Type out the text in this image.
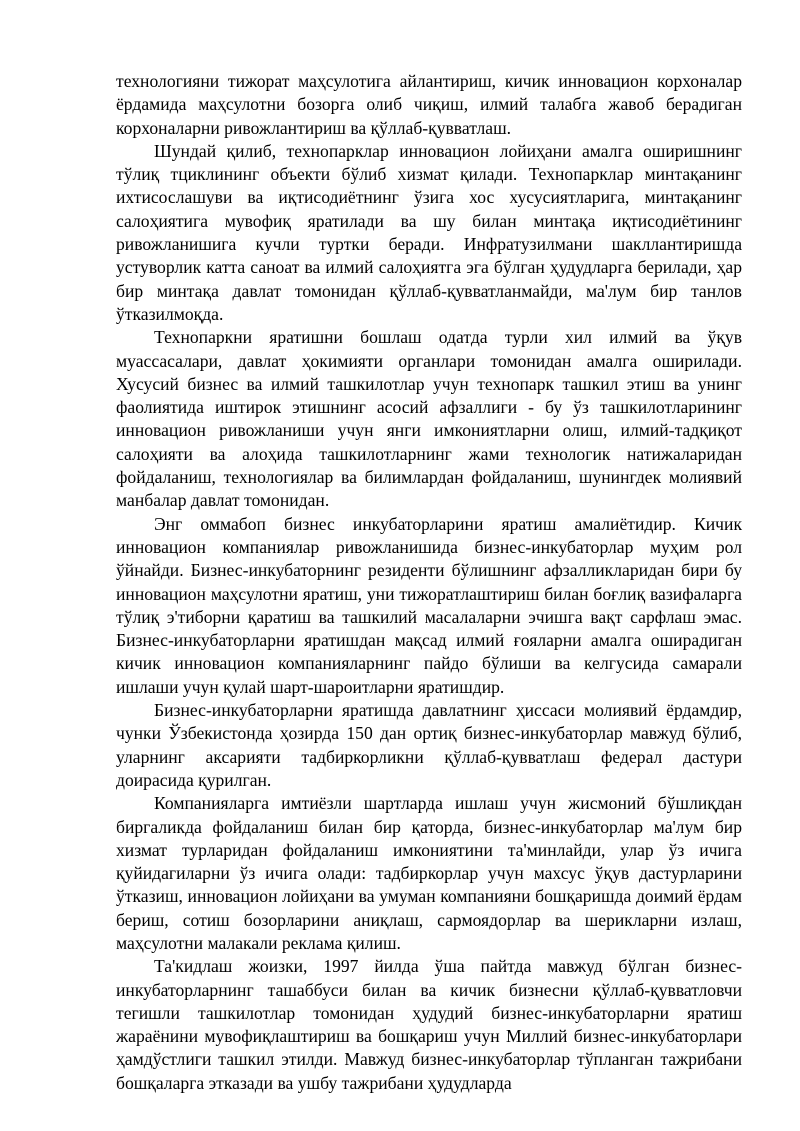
технологияни тижорат маҳсулотига айлантириш, кичик инновацион корхоналар ёрдамида маҳсулотни бозорга олиб чиқиш, илмий талабга жавоб берадиган корхоналарни ривожлантириш ва қўллаб-қувватлаш.

Шундай қилиб, технопарклар инновацион лойиҳани амалга оширишнинг тўлиқ тциклининг объекти бўлиб хизмат қилади. Технопарклар минтақанинг ихтисослашуви ва иқтисодиётнинг ўзига хос хусусиятларига, минтақанинг салоҳиятига мувофиқ яратилади ва шу билан минтақа иқтисодиётининг ривожланишига кучли туртки беради. Инфратузилмани шакллантиришда устуворлик катта саноат ва илмий салоҳиятга эга бўлган ҳудудларга берилади, ҳар бир минтақа давлат томонидан қўллаб-қувватланмайди, ма'лум бир танлов ўтказилмоқда.

Технопаркни яратишни бошлаш одатда турли хил илмий ва ўқув муассасалари, давлат ҳокимияти органлари томонидан амалга оширилади. Хусусий бизнес ва илмий ташкилотлар учун технопарк ташкил этиш ва унинг фаолиятида иштирок этишнинг асосий афзаллиги - бу ўз ташкилотларининг инновацион ривожланиши учун янги имкониятларни олиш, илмий-тадқиқот салоҳияти ва алоҳида ташкилотларнинг жами технологик натижаларидан фойдаланиш, технологиялар ва билимлардан фойдаланиш, шунингдек молиявий манбалар давлат томонидан.

Энг оммабоп бизнес инкубаторларини яратиш амалиётидир. Кичик инновацион компаниялар ривожланишида бизнес-инкубаторлар муҳим рол ўйнайди. Бизнес-инкубаторнинг резиденти бўлишнинг афзалликларидан бири бу инновацион маҳсулотни яратиш, уни тижоратлаштириш билан боғлиқ вазифаларга тўлиқ э'тиборни қаратиш ва ташкилий масалаларни эчишга вақт сарфлаш эмас. Бизнес-инкубаторларни яратишдан мақсад илмий ғояларни амалга оширадиган кичик инновацион компанияларнинг пайдо бўлиши ва келгусида самарали ишлаши учун қулай шарт-шароитларни яратишдир.

Бизнес-инкубаторларни яратишда давлатнинг ҳиссаси молиявий ёрдамдир, чунки Ўзбекистонда ҳозирда 150 дан ортиқ бизнес-инкубаторлар мавжуд бўлиб, уларнинг аксарияти тадбиркорликни қўллаб-қувватлаш федерал дастури доирасида қурилган.

Компанияларга имтиёзли шартларда ишлаш учун жисмоний бўшлиқдан биргаликда фойдаланиш билан бир қаторда, бизнес-инкубаторлар ма'лум бир хизмат турларидан фойдаланиш имкониятини та'минлайди, улар ўз ичига қуйидагиларни ўз ичига олади: тадбиркорлар учун махсус ўқув дастурларини ўтказиш, инновацион лойиҳани ва умуман компанияни бошқаришда доимий ёрдам бериш, сотиш бозорларини аниқлаш, сармоядорлар ва шерикларни излаш, маҳсулотни малакали реклама қилиш.

Та'кидлаш жоизки, 1997 йилда ўша пайтда мавжуд бўлган бизнес-инкубаторларнинг ташаббуси билан ва кичик бизнесни қўллаб-қувватловчи тегишли ташкилотлар томонидан ҳудудий бизнес-инкубаторларни яратиш жараёнини мувофиқлаштириш ва бошқариш учун Миллий бизнес-инкубаторлари ҳамдўстлиги ташкил этилди. Мавжуд бизнес-инкубаторлар тўпланган тажрибани бошқаларга этказади ва ушбу тажрибани ҳудудларда
